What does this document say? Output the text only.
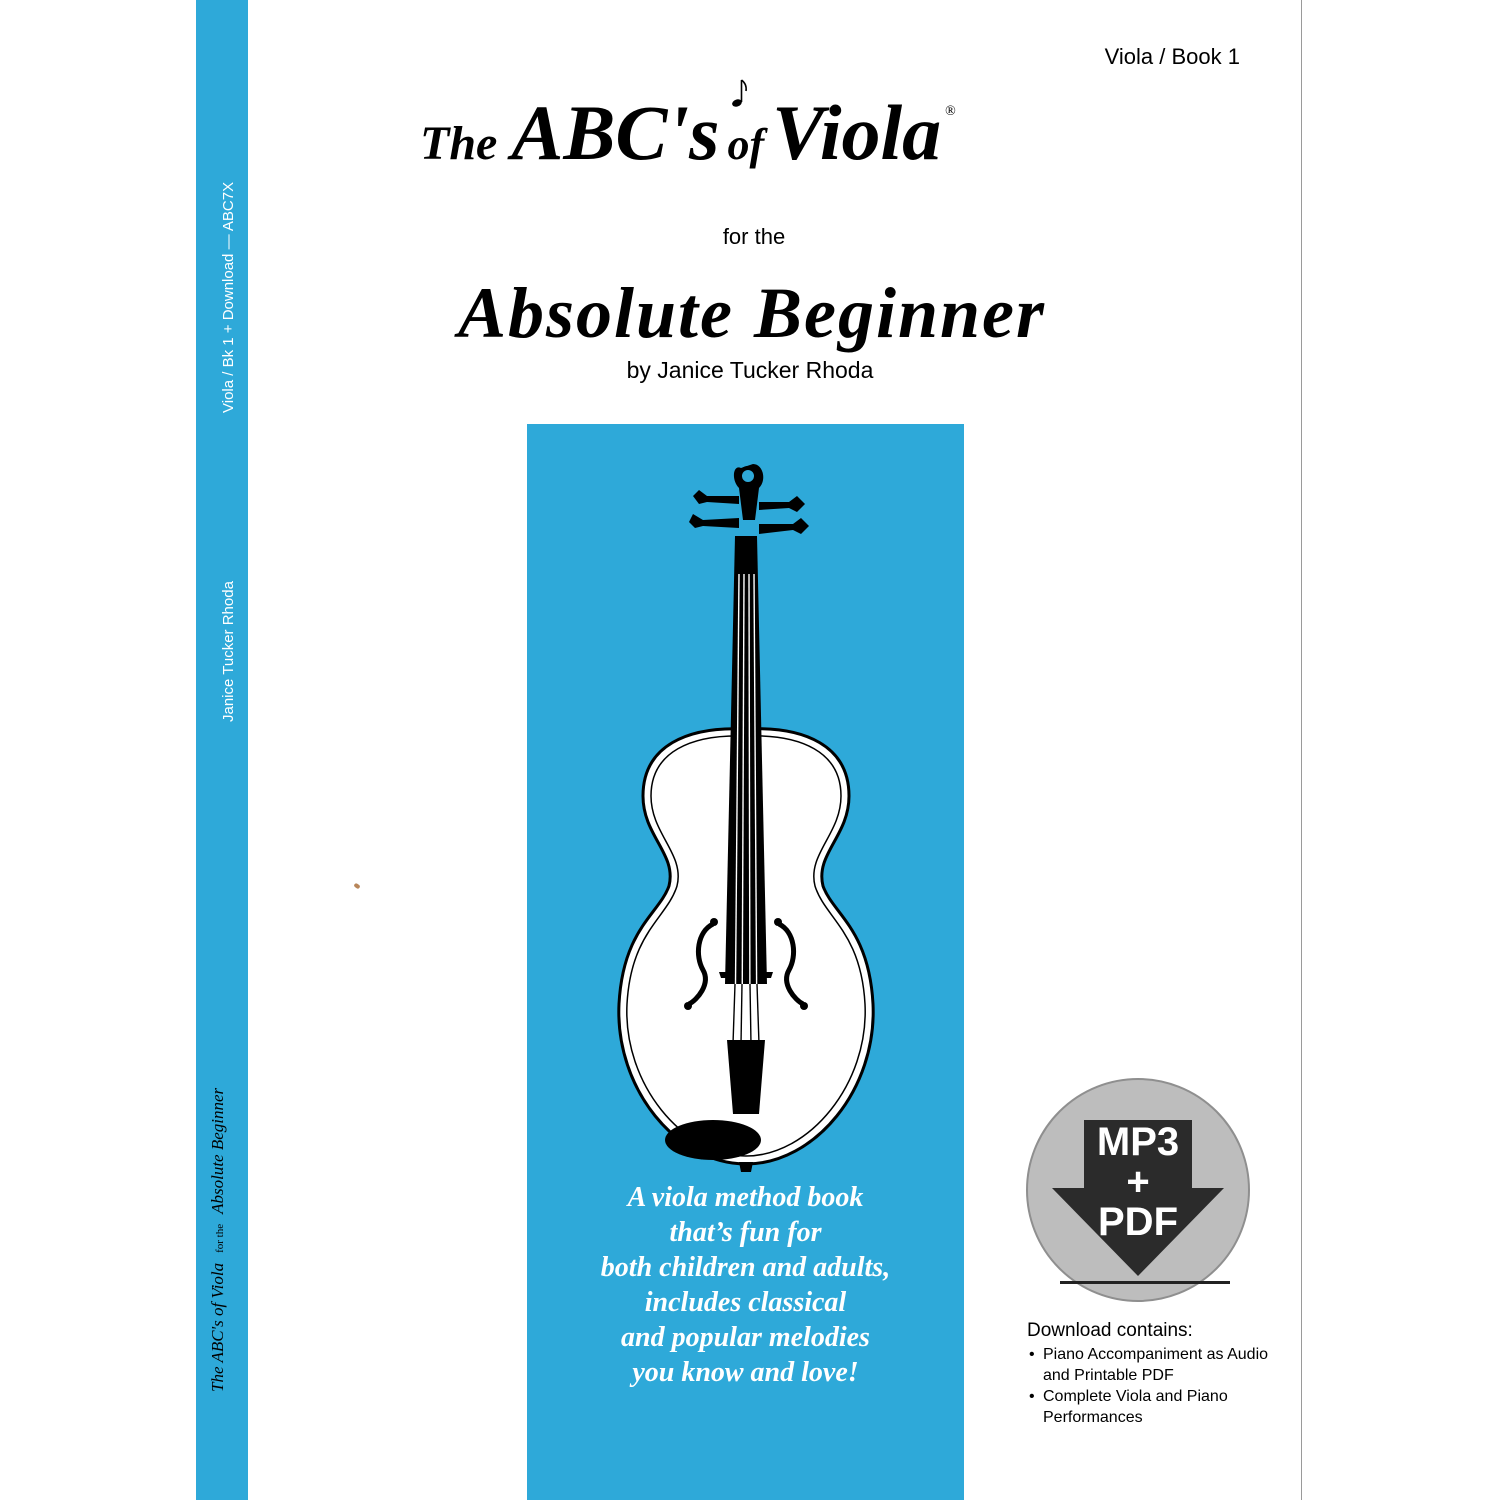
Viola / Bk 1 + Download — ABC7X
Janice Tucker Rhoda
The ABC's of Viola for the Absolute Beginner
Viola / Book 1
The ABC's of Viola ®
for the
Absolute Beginner
by Janice Tucker Rhoda
A viola method book
that’s fun for
both children and adults,
includes classical
and popular melodies
you know and love!
MP3
+
PDF
Download contains:
• Piano Accompaniment as Audio and Printable PDF
• Complete Viola and Piano Performances
